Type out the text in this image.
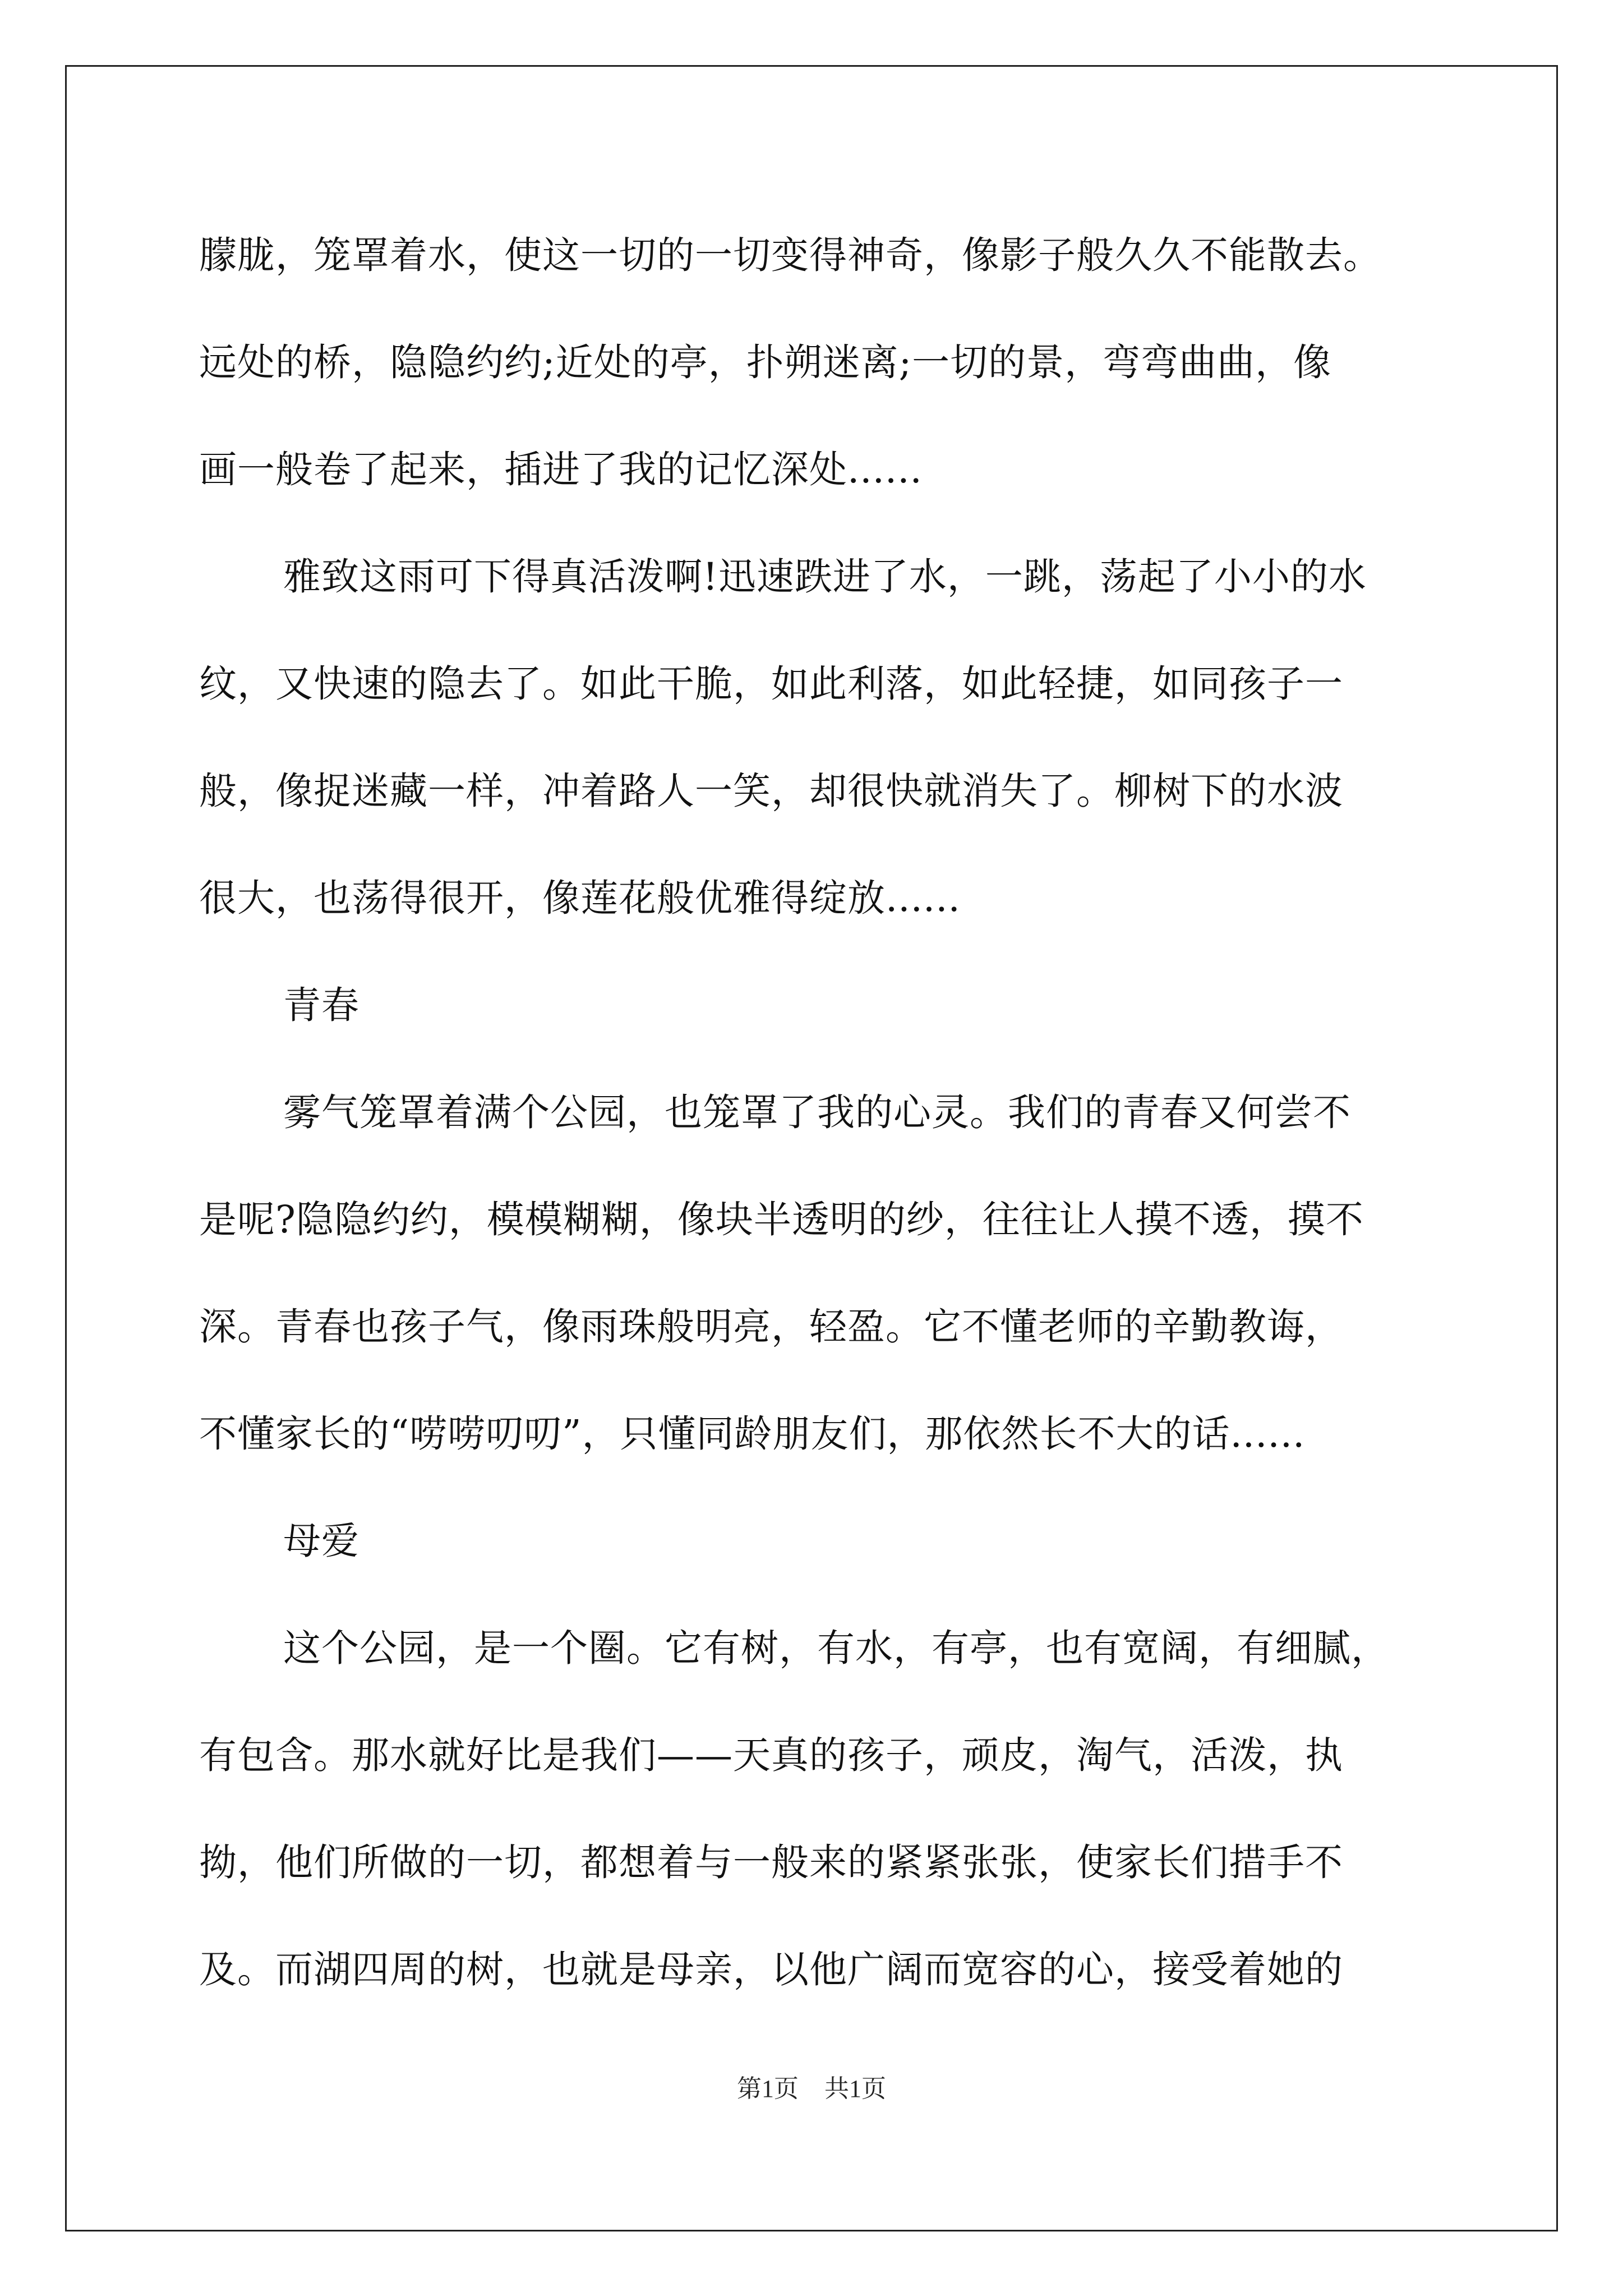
朦胧，笼罩着水，使这一切的一切变得神奇，像影子般久久不能散去。
远处的桥，隐隐约约;近处的亭，扑朔迷离;一切的景，弯弯曲曲，像
画一般卷了起来，插进了我的记忆深处......
雅致这雨可下得真活泼啊!迅速跌进了水，一跳，荡起了小小的水
纹，又快速的隐去了。如此干脆，如此利落，如此轻捷，如同孩子一
般，像捉迷藏一样，冲着路人一笑，却很快就消失了。柳树下的水波
很大，也荡得很开，像莲花般优雅得绽放......
青春
雾气笼罩着满个公园，也笼罩了我的心灵。我们的青春又何尝不
是呢?隐隐约约，模模糊糊，像块半透明的纱，往往让人摸不透，摸不
深。青春也孩子气，像雨珠般明亮，轻盈。它不懂老师的辛勤教诲，
不懂家长的“唠唠叨叨”，只懂同龄朋友们，那依然长不大的话......
母爱
这个公园，是一个圈。它有树，有水，有亭，也有宽阔，有细腻，
有包含。那水就好比是我们——天真的孩子，顽皮，淘气，活泼，执
拗，他们所做的一切，都想着与一般来的紧紧张张，使家长们措手不
及。而湖四周的树，也就是母亲，以他广阔而宽容的心，接受着她的
第1页 共1页
